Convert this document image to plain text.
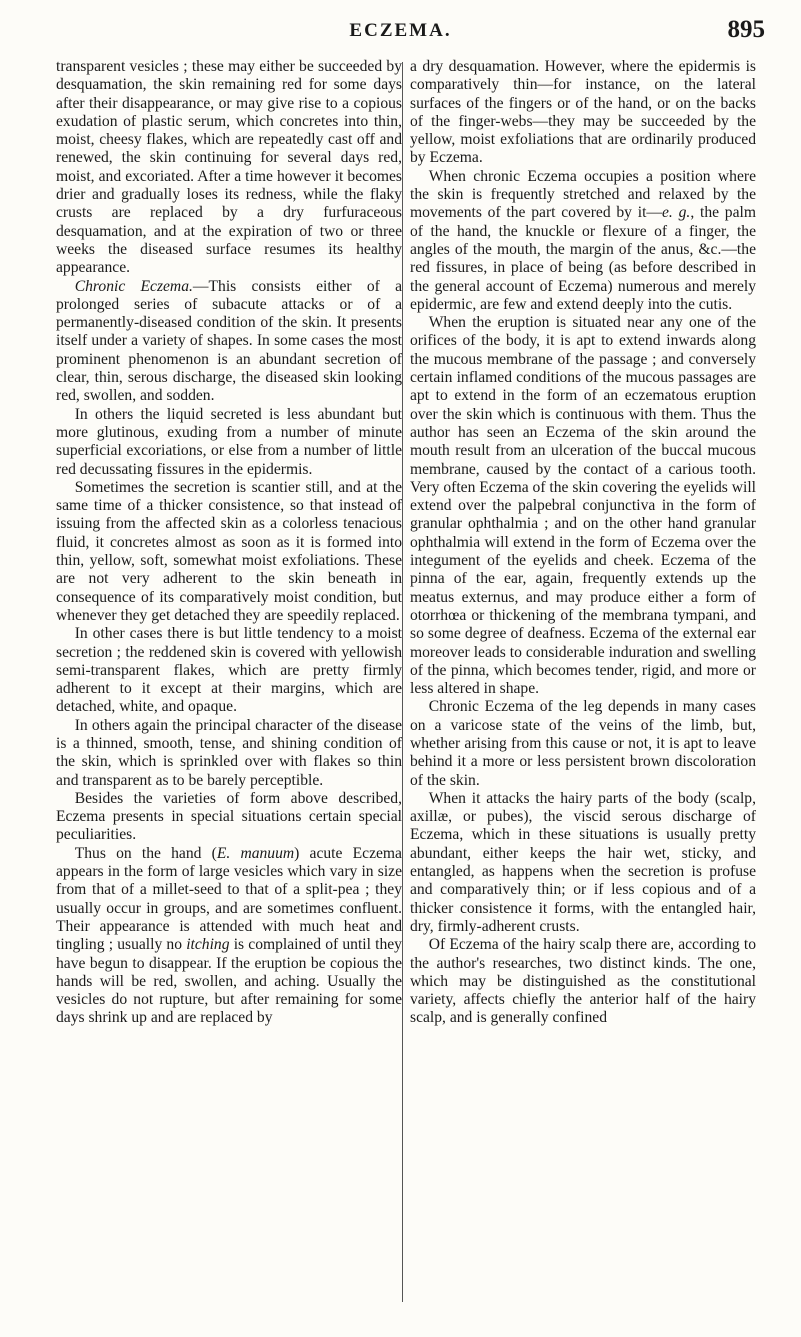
ECZEMA.	895

transparent vesicles ; these may either be succeeded by desquamation, the skin remaining red for some days after their disappearance, or may give rise to a copious exudation of plastic serum, which concretes into thin, moist, cheesy flakes, which are repeatedly cast off and renewed, the skin continuing for several days red, moist, and excoriated. After a time however it becomes drier and gradually loses its redness, while the flaky crusts are replaced by a dry furfuraceous desquamation, and at the expiration of two or three weeks the diseased surface resumes its healthy appearance.

Chronic Eczema.—This consists either of a prolonged series of subacute attacks or of a permanently-diseased condition of the skin. It presents itself under a variety of shapes. In some cases the most prominent phenomenon is an abundant secretion of clear, thin, serous discharge, the diseased skin looking red, swollen, and sodden.

In others the liquid secreted is less abundant but more glutinous, exuding from a number of minute superficial excoriations, or else from a number of little red decussating fissures in the epidermis.

Sometimes the secretion is scantier still, and at the same time of a thicker consistence, so that instead of issuing from the affected skin as a colorless tenacious fluid, it concretes almost as soon as it is formed into thin, yellow, soft, somewhat moist exfoliations. These are not very adherent to the skin beneath in consequence of its comparatively moist condition, but whenever they get detached they are speedily replaced.

In other cases there is but little tendency to a moist secretion ; the reddened skin is covered with yellowish semi-transparent flakes, which are pretty firmly adherent to it except at their margins, which are detached, white, and opaque.

In others again the principal character of the disease is a thinned, smooth, tense, and shining condition of the skin, which is sprinkled over with flakes so thin and transparent as to be barely perceptible.

Besides the varieties of form above described, Eczema presents in special situations certain special peculiarities.

Thus on the hand (E. manuum) acute Eczema appears in the form of large vesicles which vary in size from that of a millet-seed to that of a split-pea ; they usually occur in groups, and are sometimes confluent. Their appearance is attended with much heat and tingling ; usually no itching is complained of until they have begun to disappear. If the eruption be copious the hands will be red, swollen, and aching. Usually the vesicles do not rupture, but after remaining for some days shrink up and are replaced by

a dry desquamation. However, where the epidermis is comparatively thin—for instance, on the lateral surfaces of the fingers or of the hand, or on the backs of the finger-webs—they may be succeeded by the yellow, moist exfoliations that are ordinarily produced by Eczema.

When chronic Eczema occupies a position where the skin is frequently stretched and relaxed by the movements of the part covered by it—e. g., the palm of the hand, the knuckle or flexure of a finger, the angles of the mouth, the margin of the anus, &c.—the red fissures, in place of being (as before described in the general account of Eczema) numerous and merely epidermic, are few and extend deeply into the cutis.

When the eruption is situated near any one of the orifices of the body, it is apt to extend inwards along the mucous membrane of the passage ; and conversely certain inflamed conditions of the mucous passages are apt to extend in the form of an eczematous eruption over the skin which is continuous with them. Thus the author has seen an Eczema of the skin around the mouth result from an ulceration of the buccal mucous membrane, caused by the contact of a carious tooth. Very often Eczema of the skin covering the eyelids will extend over the palpebral conjunctiva in the form of granular ophthalmia ; and on the other hand granular ophthalmia will extend in the form of Eczema over the integument of the eyelids and cheek. Eczema of the pinna of the ear, again, frequently extends up the meatus externus, and may produce either a form of otorrhœa or thickening of the membrana tympani, and so some degree of deafness. Eczema of the external ear moreover leads to considerable induration and swelling of the pinna, which becomes tender, rigid, and more or less altered in shape.

Chronic Eczema of the leg depends in many cases on a varicose state of the veins of the limb, but, whether arising from this cause or not, it is apt to leave behind it a more or less persistent brown discoloration of the skin.

When it attacks the hairy parts of the body (scalp, axillæ, or pubes), the viscid serous discharge of Eczema, which in these situations is usually pretty abundant, either keeps the hair wet, sticky, and entangled, as happens when the secretion is profuse and comparatively thin; or if less copious and of a thicker consistence it forms, with the entangled hair, dry, firmly-adherent crusts.

Of Eczema of the hairy scalp there are, according to the author's researches, two distinct kinds. The one, which may be distinguished as the constitutional variety, affects chiefly the anterior half of the hairy scalp, and is generally confined
